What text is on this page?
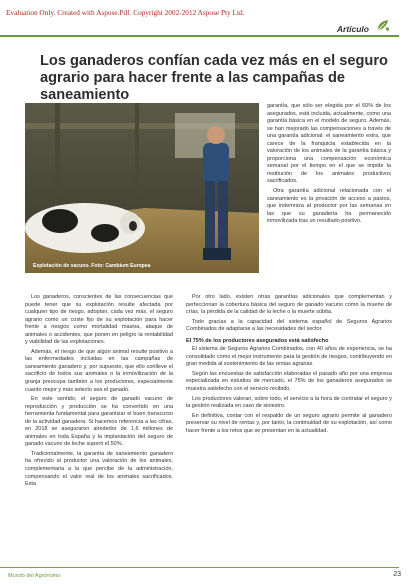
Evaluation Only. Created with Aspose.Pdf. Copyright 2002-2012 Aspose Pty Ltd.
Artículo
Los ganaderos confían cada vez más en el seguro agrario para hacer frente a las campañas de saneamiento
Explotación de vacuno. Foto: Cambium Europea

garantía, que sólo ser elegida por el 60% de los asegurados, está incluida, actualmente, como una garantía básica en el modelo de seguro. Además, se han mejorado las compensaciones a través de una garantía adicional: el saneamiento extra, que carece de la franquicia establecida en la valoración de los animales de la garantía básica y proporciona una compensación económica semanal por el tiempo en el que se impide la restitución de los animales productivos sacrificados.

Otra garantía adicional relacionada con el saneamiento es la privación de acceso a pastos, que indemniza al productor por las semanas en las que su ganadería ha permanecido inmovilizada tras un resultado positivo.

Los ganaderos, conscientes de las consecuencias que puede tener que su explotación resulte afectada por cualquier tipo de riesgo, adoptan, cada vez más, el seguro agrario como un coste fijo de su explotación para hacer frente a riesgos como mortalidad masiva, ataque de animales o accidentes, que ponen en peligro la rentabilidad y viabilidad de las explotaciones.

Además, el riesgo de que algún animal resulte positivo a las enfermedades incluidas en las campañas de saneamiento ganadero y, por supuesto, que ello conlleve el sacrificio de todos sus animales o la inmovilización de la granja preocupa también a los productores, especialmente cuanto mejor y más selecto sea el ganado.

En este sentido, el seguro de ganado vacuno de reproducción y producción se ha convertido en una herramienta fundamental para garantizar el buen transcurso de la actividad ganadera. Si hacemos referencia a las cifras, en 2018 se aseguraron alrededor de 1,6 millones de animales en toda España y la implantación del seguro de ganado vacuno de leche superó el 50%.

Tradicionalmente, la garantía de saneamiento ganadero ha ofrecido al productor una valoración de los animales, complementaria a la que percibe de la administración, compensando el valor real de los animales sacrificados. Esta

Por otro lado, existen otras garantías adicionales que complementan y perfeccionan la cobertura básica del seguro de ganado vacuno como la muerte de crías, la pérdida de la calidad de la leche o la muerte súbita.

Todo gracias a la capacidad del sistema español de Seguros Agrarios Combinados de adaptarse a las necesidades del sector.

El 75% de los productores asegurados está satisfecho

El sistema de Seguros Agrarios Combinados, con 40 años de experiencia, se ha consolidado como el mejor instrumento para la gestión de riesgos, contribuyendo en gran medida al sostenimiento de las rentas agrarias.

Según las encuestas de satisfacción elaboradas el pasado año por una empresa especializada en estudios de mercado, el 75% de los ganaderos asegurados se muestra satisfecho con el servicio recibido.

Los productores valoran, sobre todo, el servicio a la hora de contratar el seguro y la gestión realizada en caso de siniestro.

En definitiva, contar con el respaldo de un seguro agrario permite al ganadero preservar su nivel de rentas y, por tanto, la continuidad de su explotación, así como hacer frente a los retos que se presentan en la actualidad.

Mundo del Agrónomo	23
